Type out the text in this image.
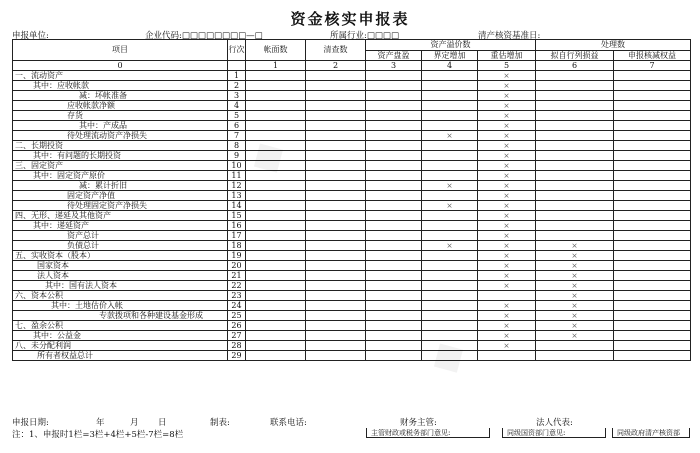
资金核实申报表
申报单位:	企业代码:□□□□□□□□—□	所属行业:□□□□	清产核资基准日:
项目	行次	帐面数	清查数	资产溢价数			处理数	
				资产盘盈	界定增加	重估增加	拟自行列损益	申报核减权益
0		1	2	3	4	5	6	7
一、流动资产	1					×		
其中：应收帐款	2					×		
减：坏帐准备	3					×		
应收帐款净额	4					×		
存货	5					×		
其中：产成品	6					×		
待处理流动资产净损失	7				×	×		
二、长期投资	8					×		
其中：有问题的长期投资	9					×		
三、固定资产	10					×		
其中：固定资产原价	11					×		
减：累计折旧	12				×	×		
固定资产净值	13					×		
待处理固定资产净损失	14				×	×		
四、无形、递延及其他资产	15					×		
其中：递延资产	16					×		
资产总计	17					×		
负债总计	18				×	×	×	
五、实收资本（股本）	19					×	×	
国家资本	20					×	×	
法人资本	21					×	×	
其中：国有法人资本	22					×	×	
六、资本公积	23						×	
其中：土地估价入帐	24					×	×	
专款拨项和各种建设基金形成	25					×	×	
七、盈余公积	26					×	×	
其中：公益金	27					×	×	
八、未分配利润	28					×		
所有者权益总计	29							
申报日期:	年	月 日	制表:	联系电话:	财务主管:	法人代表:
注：1、申报时1栏=3栏+4栏+5栏-7栏=8栏	主管财政或税务部门意见:	同级国资部门意见:	同级政府清产核资部
◆
◆
